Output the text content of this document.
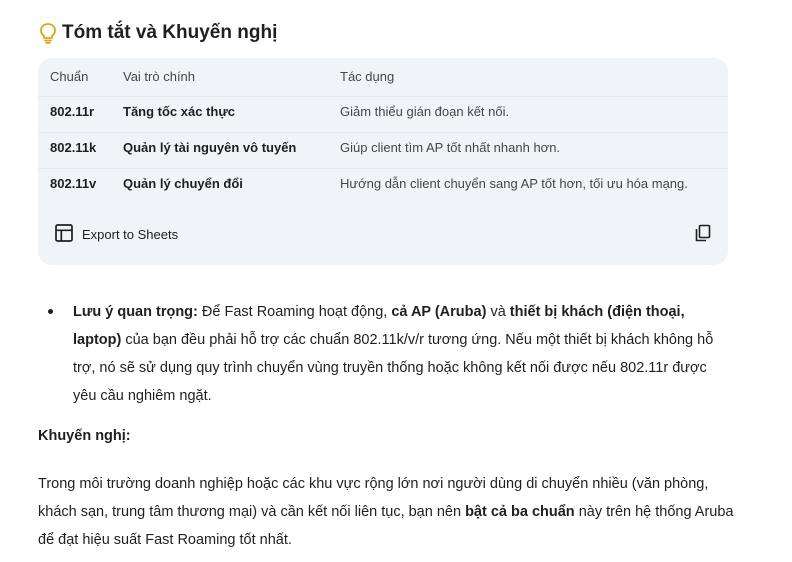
Tóm tắt và Khuyến nghị
Chuẩn	Vai trò chính	Tác dụng
802.11r Tăng tốc xác thực	Giảm thiểu gián đoạn kết nối.
802.11k Quản lý tài nguyên vô tuyến	Giúp client tìm AP tốt nhất nhanh hơn.
802.11v Quản lý chuyển đổi	Hướng dẫn client chuyển sang AP tốt hơn, tối ưu hóa mạng.
Export to Sheets
Lưu ý quan trọng: Để Fast Roaming hoạt động, cả AP (Aruba) và thiết bị khách (điện thoại, laptop) của bạn đều phải hỗ trợ các chuẩn 802.11k/v/r tương ứng. Nếu một thiết bị khách không hỗ trợ, nó sẽ sử dụng quy trình chuyển vùng truyền thống hoặc không kết nối được nếu 802.11r được yêu cầu nghiêm ngặt.
Khuyến nghị:
Trong môi trường doanh nghiệp hoặc các khu vực rộng lớn nơi người dùng di chuyển nhiều (văn phòng, khách sạn, trung tâm thương mại) và cần kết nối liên tục, bạn nên bật cả ba chuẩn này trên hệ thống Aruba để đạt hiệu suất Fast Roaming tốt nhất.
